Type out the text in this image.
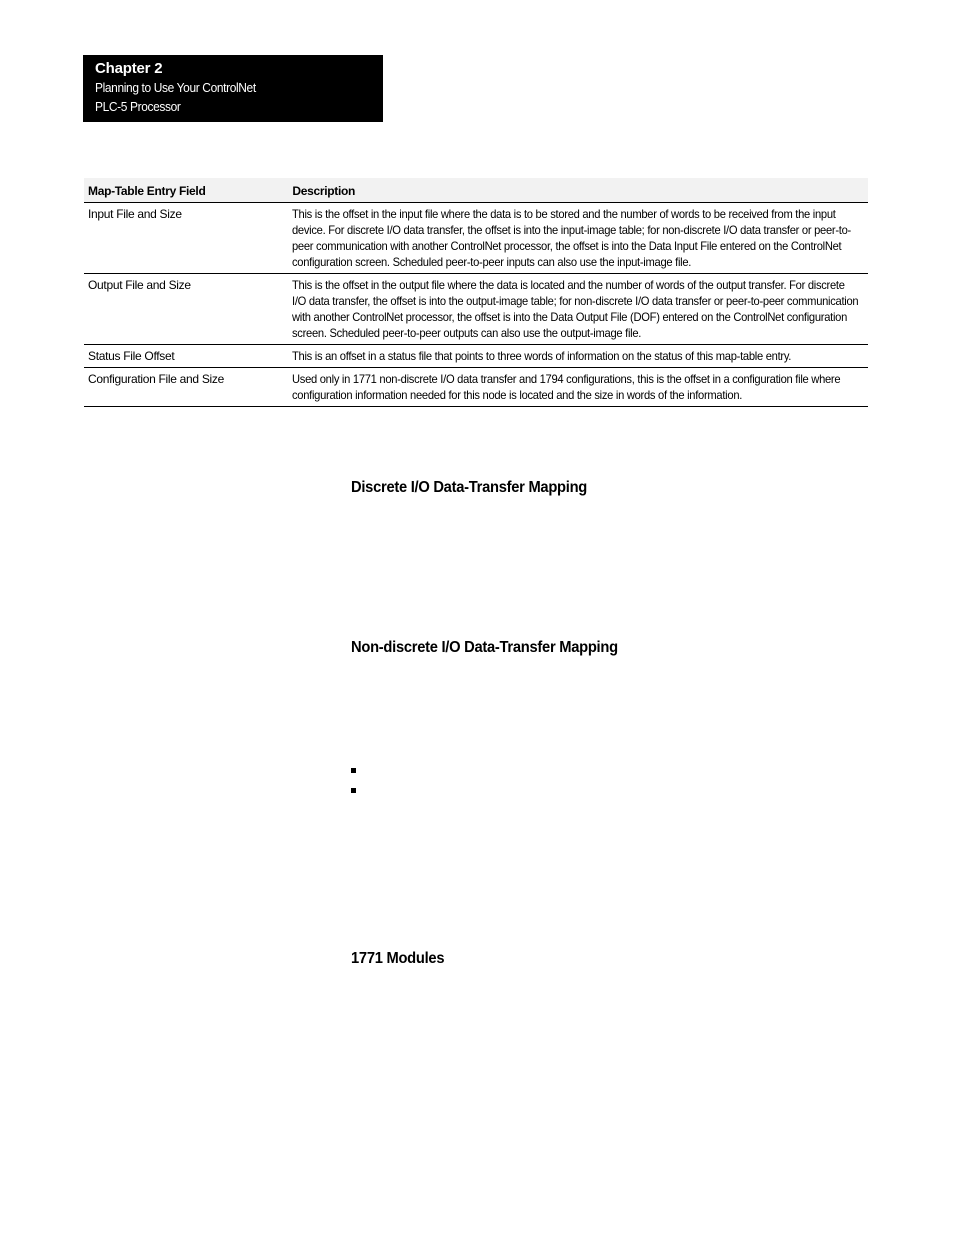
Chapter 2
Planning to Use Your ControlNet
PLC-5 Processor
Map-Table Entry Field	Description
Input File and Size	This is the offset in the input file where the data is to be stored and the number of words to be received from the input device. For discrete I/O data transfer, the offset is into the input-image table; for non-discrete I/O data transfer or peer-to-peer communication with another ControlNet processor, the offset is into the Data Input File entered on the ControlNet configuration screen. Scheduled peer-to-peer inputs can also use the input-image file.
Output File and Size	This is the offset in the output file where the data is located and the number of words of the output transfer. For discrete I/O data transfer, the offset is into the output-image table; for non-discrete I/O data transfer or peer-to-peer communication with another ControlNet processor, the offset is into the Data Output File (DOF) entered on the ControlNet configuration screen. Scheduled peer-to-peer outputs can also use the output-image file.
Status File Offset	This is an offset in a status file that points to three words of information on the status of this map-table entry.
Configuration File and Size	Used only in 1771 non-discrete I/O data transfer and 1794 configurations, this is the offset in a configuration file where configuration information needed for this node is located and the size in words of the information.
Discrete I/O Data-Transfer Mapping
Non-discrete I/O Data-Transfer Mapping
1771 Modules
